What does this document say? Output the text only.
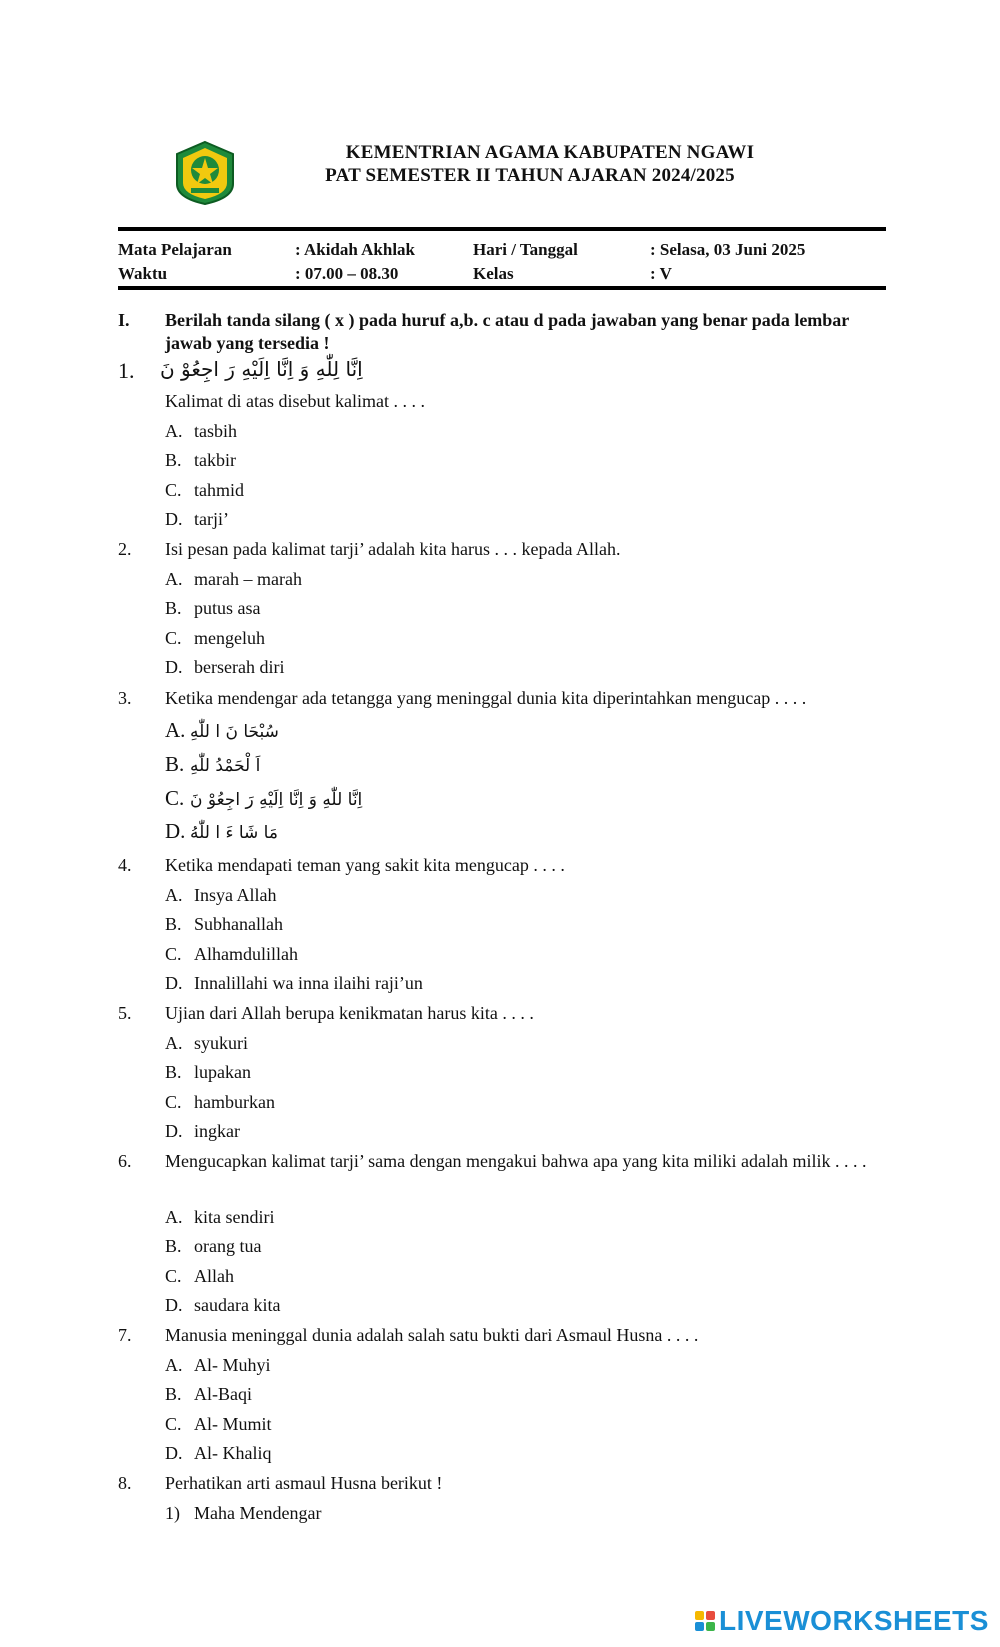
KEMENTRIAN AGAMA KABUPATEN NGAWI
PAT SEMESTER II TAHUN AJARAN 2024/2025
Mata Pelajaran	: Akidah Akhlak	Hari / Tanggal	: Selasa, 03 Juni 2025
Waktu	: 07.00 – 08.30	Kelas	: V
I. Berilah tanda silang ( x ) pada huruf a,b. c atau d pada jawaban yang benar pada lembar jawab yang tersedia !
1. اِنَّا لِلّٰهِ وَ اِنَّا اِلَيْهِ رَ اجِعُوْ نَ
Kalimat di atas disebut kalimat . . . .
A. tasbih
B. takbir
C. tahmid
D. tarji’
2. Isi pesan pada kalimat tarji’ adalah kita harus . . . kepada Allah.
A. marah – marah
B. putus asa
C. mengeluh
D. berserah diri
3. Ketika mendengar ada tetangga yang meninggal dunia kita diperintahkan mengucap . . . .
A. سُبْحَا نَ ا للّٰهِ
B. اَ لْحَمْدُ للّٰهِ
C. اِنَّا للّٰهِ وَ اِنَّا اِلَيْهِ رَ اجِعُوْ نَ
D. مَا شَا ءَ ا للّٰهُ
4. Ketika mendapati teman yang sakit kita mengucap . . . .
A. Insya Allah
B. Subhanallah
C. Alhamdulillah
D. Innalillahi wa inna ilaihi raji’un
5. Ujian dari Allah berupa kenikmatan harus kita . . . .
A. syukuri
B. lupakan
C. hamburkan
D. ingkar
6. Mengucapkan kalimat tarji’ sama dengan mengakui bahwa apa yang kita miliki adalah milik . . . .
A. kita sendiri
B. orang tua
C. Allah
D. saudara kita
7. Manusia meninggal dunia adalah salah satu bukti dari Asmaul Husna . . . .
A. Al- Muhyi
B. Al-Baqi
C. Al- Mumit
D. Al- Khaliq
8. Perhatikan arti asmaul Husna berikut !
1) Maha Mendengar
LIVEWORKSHEETS
